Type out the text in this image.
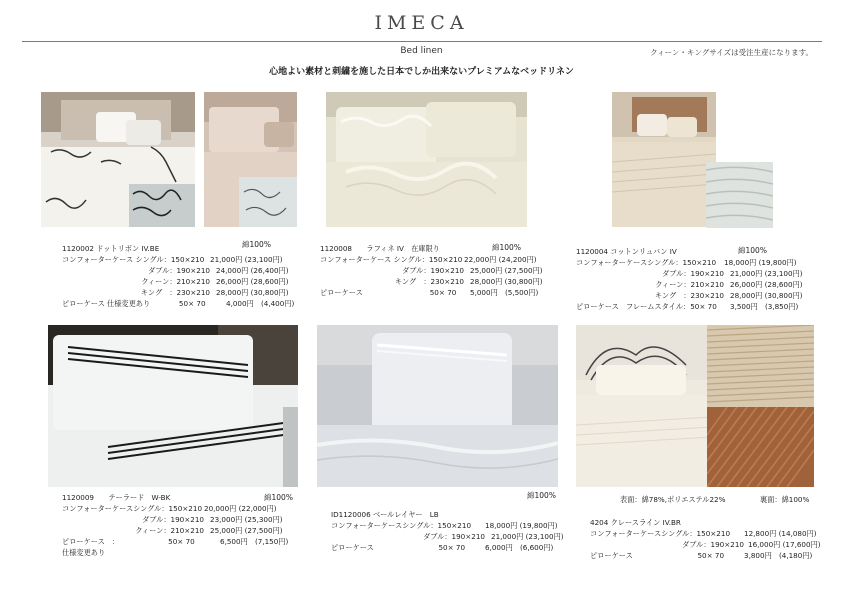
IMECA
Bed linen	クィーン・キングサイズは受注生産になります。
心地よい素材と刺繍を施した日本でしか出来ないプレミアムなベッドリネン
1120002 ドットリボン IV.BE	綿100%
コンフォーターケース シングル：150×210 21,000円 (23,100円)
ダブル：190×210 24,000円 (26,400円)
クィーン：210×210 26,000円 (28,600円)
キング　：230×210 28,000円 (30,800円)
ピローケース 仕様変更あり　　　　50× 70	4,000円　(4,400円)
1120008　　ラフィネ IV　在庫限り	綿100%
コンフォーターケース シングル：150×210 22,000円 (24,200円)
ダブル：190×210 25,000円 (27,500円)
キング　：230×210 28,000円 (30,800円)
ピローケース　　　　　　　　　 50× 70	5,000円　(5,500円)
1120004 コットンリュバン IV	綿100%
コンフォーターケースシングル：150×210	18,000円 (19,800円)
ダブル：190×210 21,000円 (23,100円)
クィーン：210×210 26,000円 (28,600円)
キング　：230×210 28,000円 (30,800円)
ピローケース　フレームスタイル：50× 70	3,500円　(3,850円)
1120009　　テーラード　W-BK	綿100%
コンフォーターケースシングル：150×210 20,000円 (22,000円)
ダブル：190×210 23,000円 (25,300円)
クィーン：210×210 25,000円 (27,500円)
ピローケース　：　　　　　　　 50× 70	6,500円　(7,150円)
仕様変更あり
綿100%
ID1120006 ベールレイヤー　LB
コンフォーターケースシングル：150×210	18,000円 (19,800円)
ダブル：190×210 21,000円 (23,100円)
ピローケース　　　　　　　　　50× 70	6,000円　(6,600円)
表面：綿78%,ポリエステル22%	裏面：綿100%
4204 クレースライン IV.BR
コンフォーターケースシングル：150×210	12,800円 (14,080円)
ダブル：190×210 16,000円 (17,600円)
ピローケース　　　　　　　　　50× 70	3,800円　(4,180円)
